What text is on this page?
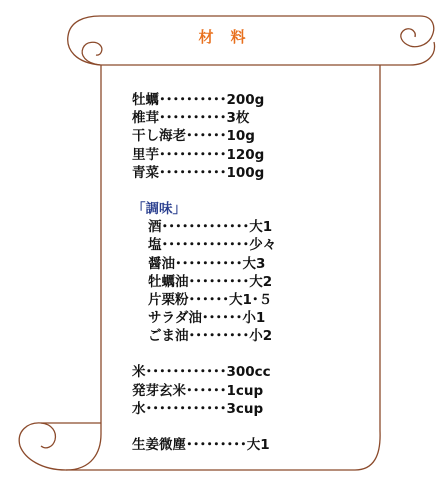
材　料
牡蠣･･････････200g
椎茸･･････････3枚
干し海老･･････10g
里芋･･････････120g
青菜･･････････100g
「調味」
酒･････････････大1
塩･････････････少々
醤油･･････････大3
牡蠣油･････････大2
片栗粉･･････大1･５
サラダ油･･････小1
ごま油･････････小2
米････････････300cc
発芽玄米･･････1cup
水････････････3cup
生姜微塵･････････大1
